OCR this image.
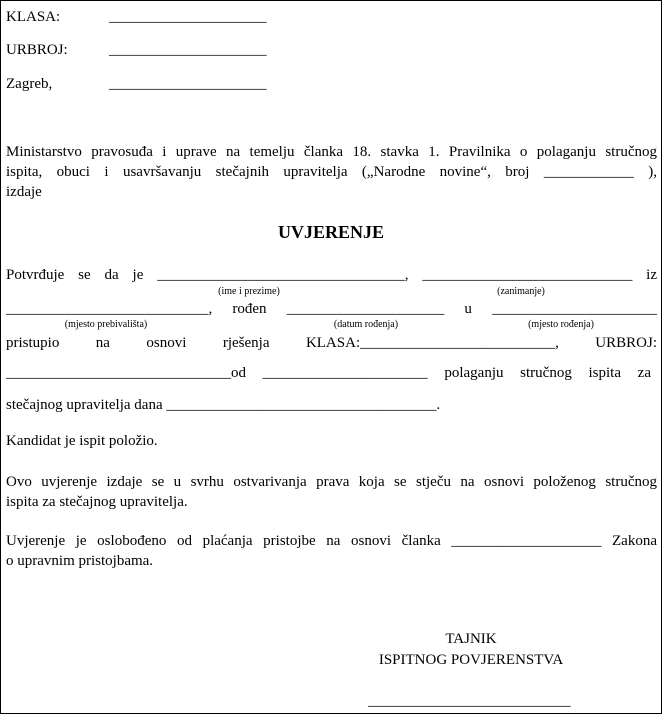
KLASA:	_____________________
URBROJ:	_____________________
Zagreb,	_____________________
Ministarstvo pravosuđa i uprave na temelju članka 18. stavka 1. Pravilnika o polaganju stručnog
ispita, obuci i usavršavanju stečajnih upravitelja („Narodne novine“, broj ____________ ),
izdaje
UVJERENJE
Potvrđuje se da je _________________________________, ____________________________ iz
(ime i prezime)	(zanimanje)
___________________________, rođen _____________________ u ______________________
(mjesto prebivališta)	(datum rođenja)	(mjesto rođenja)
pristupio na osnovi rješenja KLASA:__________________________, URBROJ:
______________________________od ______________________ polaganju stručnog ispita za
stečajnog upravitelja dana ____________________________________.
Kandidat je ispit položio.
Ovo uvjerenje izdaje se u svrhu ostvarivanja prava koja se stječu na osnovi položenog stručnog
ispita za stečajnog upravitelja.
Uvjerenje je oslobođeno od plaćanja pristojbe na osnovi članka ____________________ Zakona
o upravnim pristojbama.
TAJNIK
ISPITNOG POVJERENSTVA
___________________________
